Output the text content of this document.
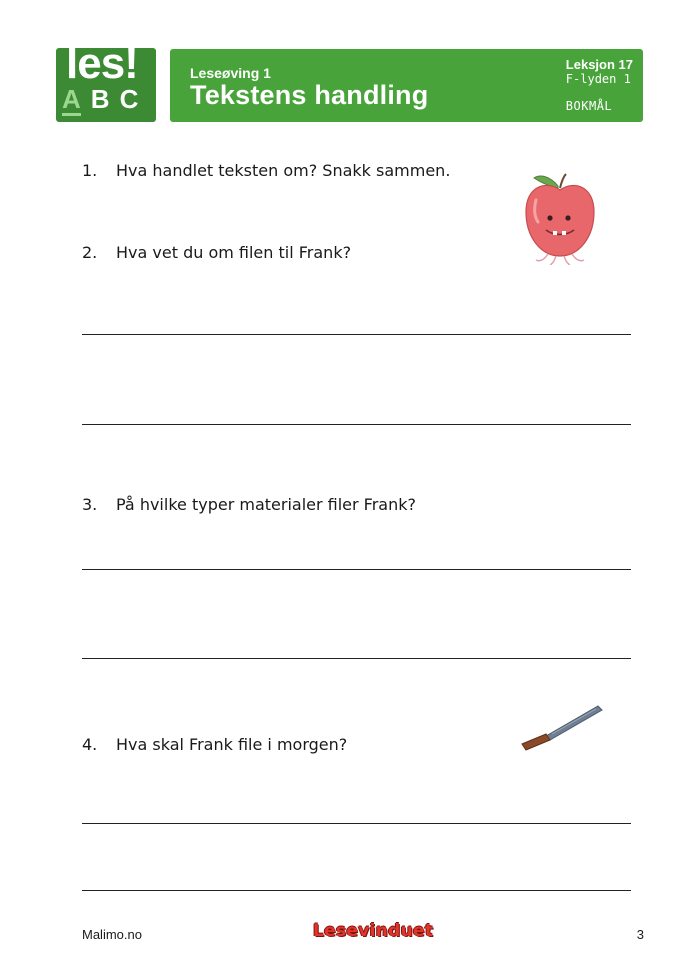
les!
A B C
Leseøving 1
Tekstens handling
Leksjon 17
F-lyden 1
BOKMÅL
1. Hva handlet teksten om? Snakk sammen.
2. Hva vet du om filen til Frank?
3. På hvilke typer materialer filer Frank?
4. Hva skal Frank file i morgen?
Malimo.no	Lesevinduet	3
